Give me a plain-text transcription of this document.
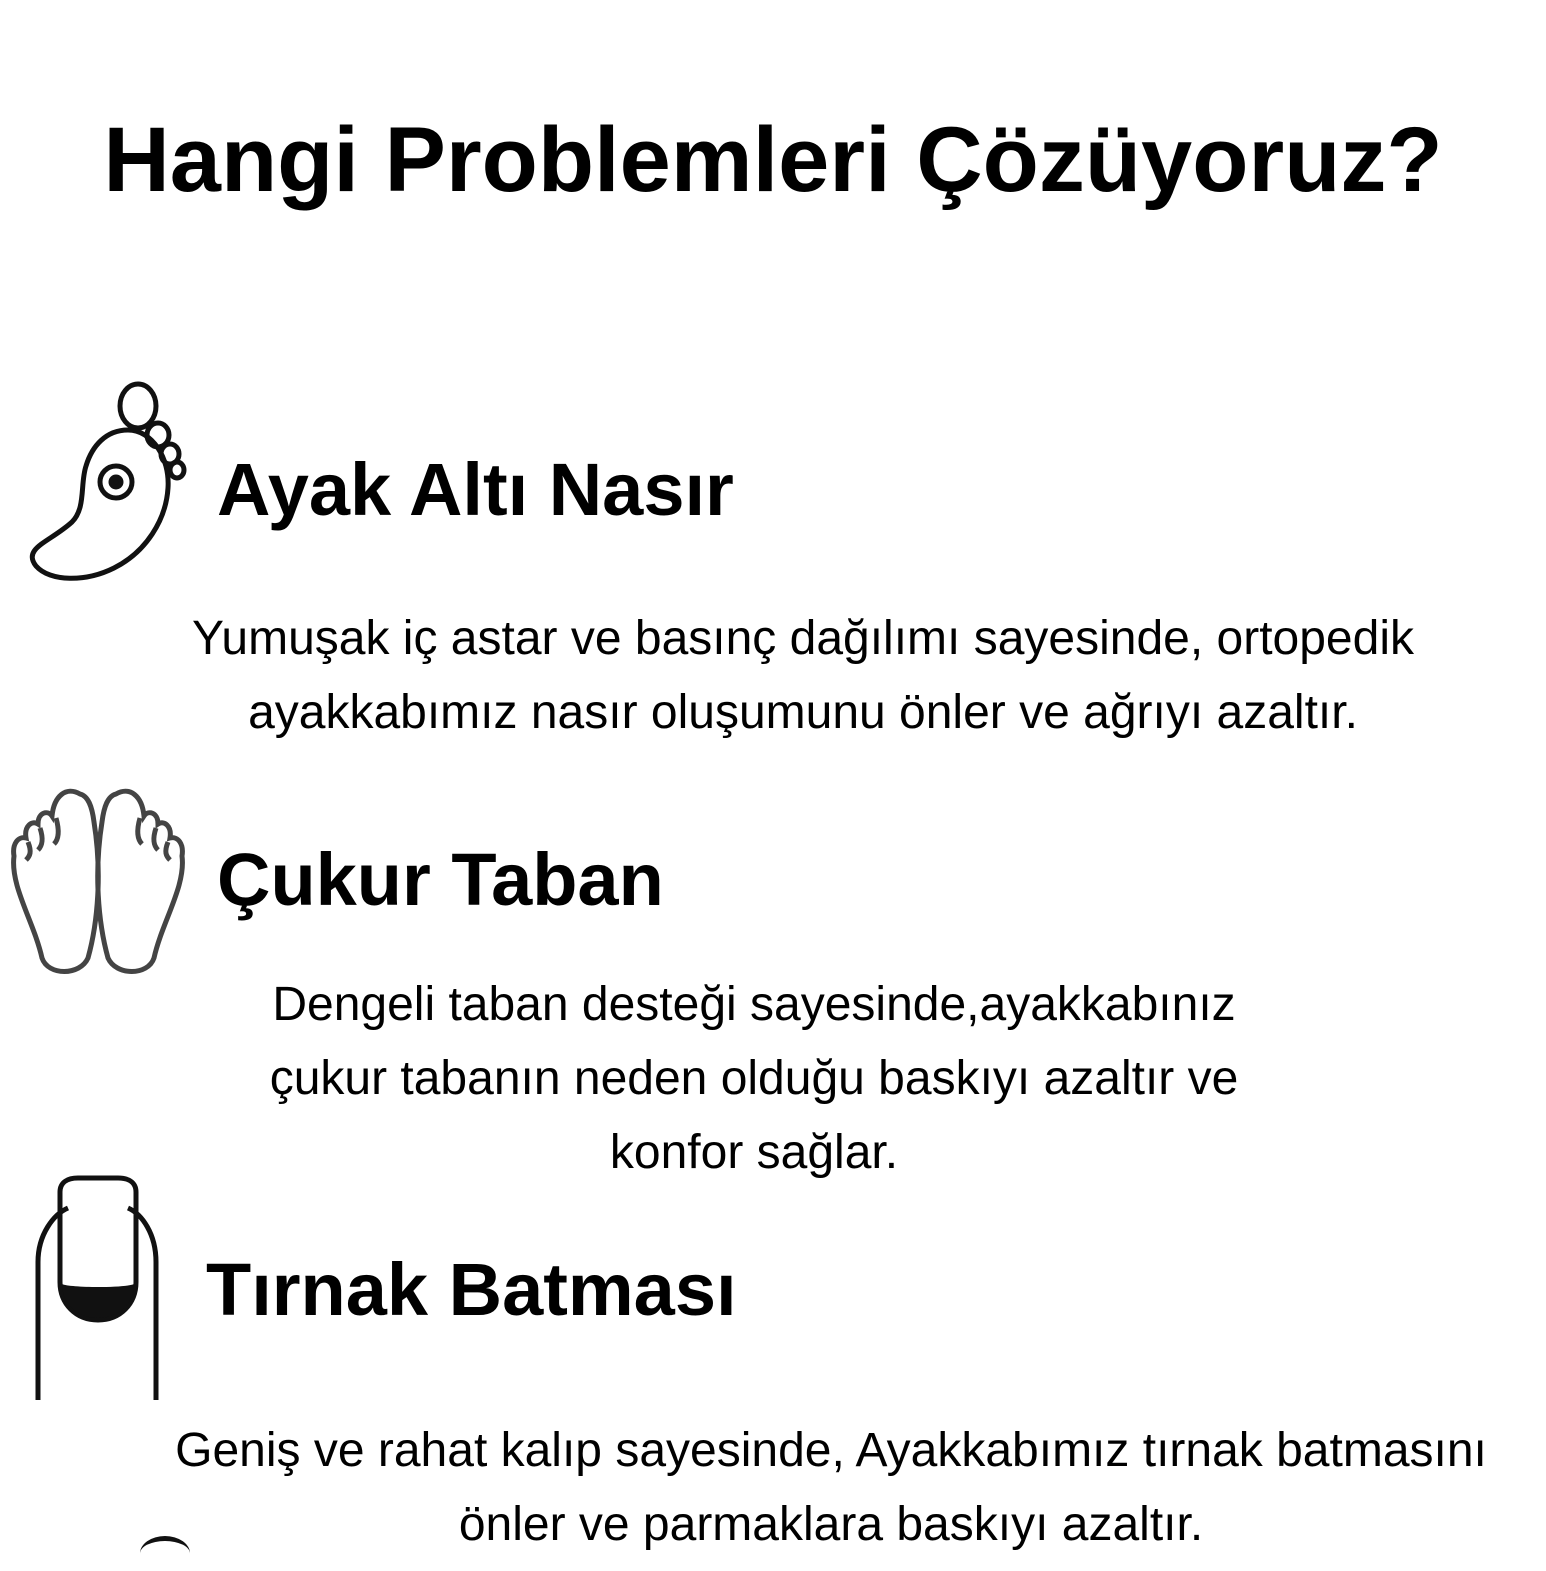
Hangi Problemleri Çözüyoruz?
Ayak Altı Nasır
Yumuşak iç astar ve basınç dağılımı sayesinde, ortopedik
ayakkabımız nasır oluşumunu önler ve ağrıyı azaltır.
Çukur Taban
Dengeli taban desteği sayesinde,ayakkabınız
çukur tabanın neden olduğu baskıyı azaltır ve
konfor sağlar.
Tırnak Batması
Geniş ve rahat kalıp sayesinde, Ayakkabımız tırnak batmasını
önler ve parmaklara baskıyı azaltır.
